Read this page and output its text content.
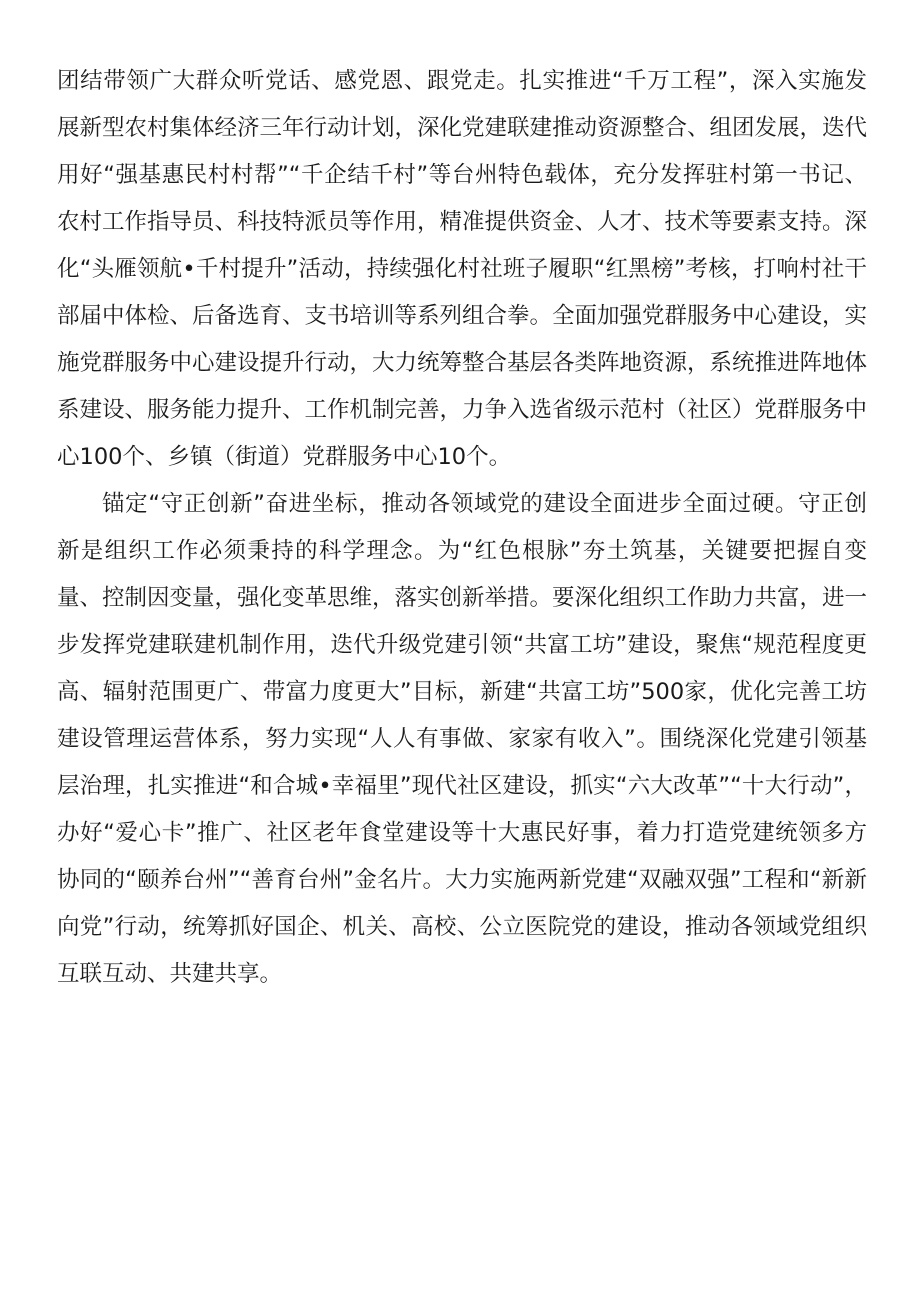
团结带领广大群众听党话、感党恩、跟党走。扎实推进“千万工程”，深入实施发展新型农村集体经济三年行动计划，深化党建联建推动资源整合、组团发展，迭代用好“强基惠民村村帮”“千企结千村”等台州特色载体，充分发挥驻村第一书记、农村工作指导员、科技特派员等作用，精准提供资金、人才、技术等要素支持。深化“头雁领航•千村提升”活动，持续强化村社班子履职“红黑榜”考核，打响村社干部届中体检、后备选育、支书培训等系列组合拳。全面加强党群服务中心建设，实施党群服务中心建设提升行动，大力统筹整合基层各类阵地资源，系统推进阵地体系建设、服务能力提升、工作机制完善，力争入选省级示范村（社区）党群服务中心100个、乡镇（街道）党群服务中心10个。

锚定“守正创新”奋进坐标，推动各领域党的建设全面进步全面过硬。守正创新是组织工作必须秉持的科学理念。为“红色根脉”夯土筑基，关键要把握自变量、控制因变量，强化变革思维，落实创新举措。要深化组织工作助力共富，进一步发挥党建联建机制作用，迭代升级党建引领“共富工坊”建设，聚焦“规范程度更高、辐射范围更广、带富力度更大”目标，新建“共富工坊”500家，优化完善工坊建设管理运营体系，努力实现“人人有事做、家家有收入”。围绕深化党建引领基层治理，扎实推进“和合城•幸福里”现代社区建设，抓实“六大改革”“十大行动”，办好“爱心卡”推广、社区老年食堂建设等十大惠民好事，着力打造党建统领多方协同的“颐养台州”“善育台州”金名片。大力实施两新党建“双融双强”工程和“新新向党”行动，统筹抓好国企、机关、高校、公立医院党的建设，推动各领域党组织互联互动、共建共享。
